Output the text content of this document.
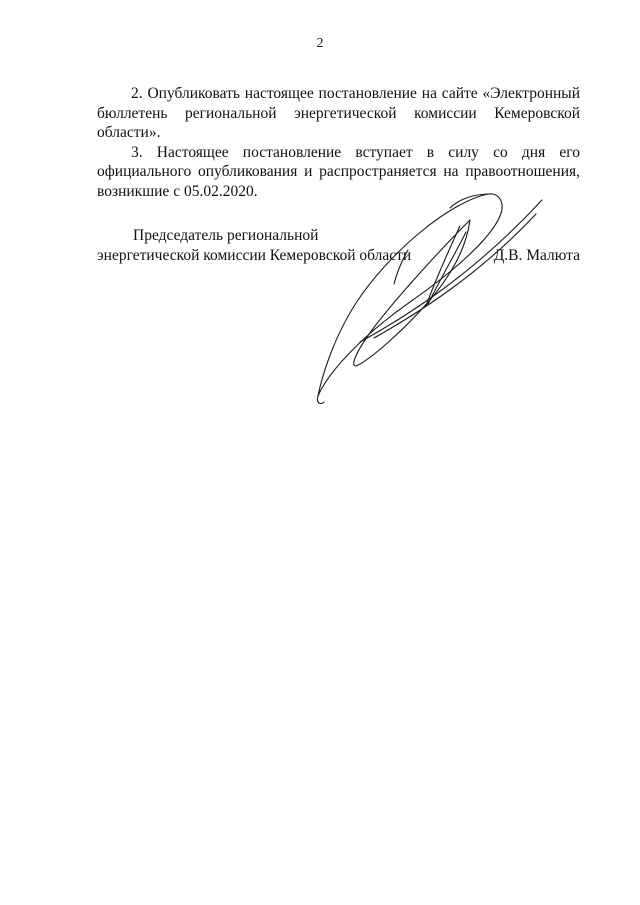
2

2. Опубликовать настоящее постановление на сайте «Электронный бюллетень региональной энергетической комиссии Кемеровской области».

3. Настоящее постановление вступает в силу со дня его официального опубликования и распространяется на правоотношения, возникшие с 05.02.2020.

Председатель региональной

энергетической комиссии Кемеровской области	Д.В. Малюта
